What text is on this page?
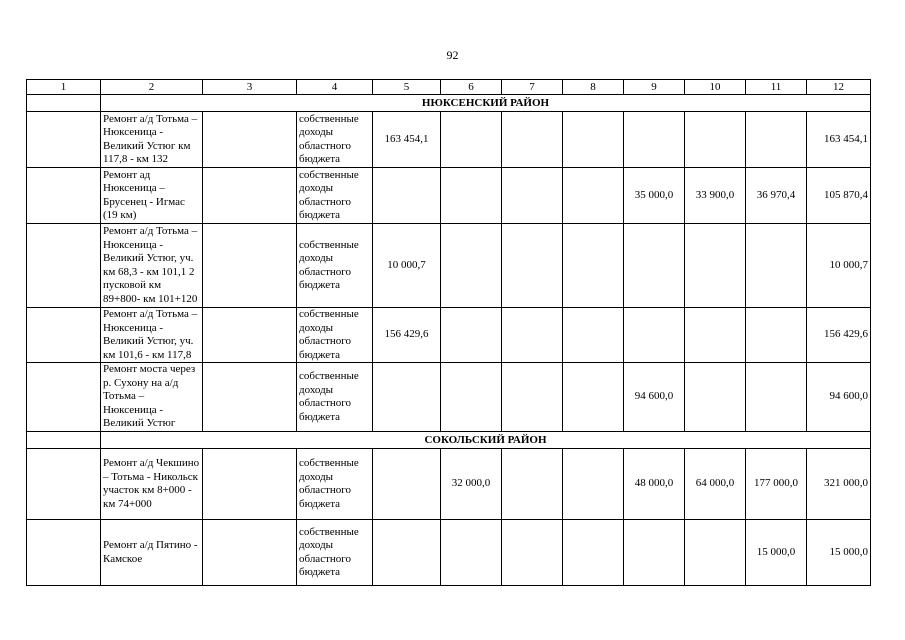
92
1	2	3	4	5	6	7	8	9	10	11	12
	НЮКСЕНСКИЙ РАЙОН										
	Ремонт а/д Тотьма – Нюксеница - Великий Устюг км 117,8 - км 132		собственные доходы областного бюджета	163 454,1							163 454,1
	Ремонт ад Нюксеница – Брусенец - Игмас (19 км)		собственные доходы областного бюджета					35 000,0	33 900,0	36 970,4	105 870,4
	Ремонт а/д Тотьма – Нюксеница - Великий Устюг, уч. км 68,3 - км 101,1 2 пусковой км 89+800- км 101+120		собственные доходы областного бюджета	10 000,7							10 000,7
	Ремонт а/д Тотьма – Нюксеница - Великий Устюг, уч. км 101,6 - км 117,8		собственные доходы областного бюджета	156 429,6							156 429,6
	Ремонт моста через р. Сухону на а/д Тотьма – Нюксеница - Великий Устюг		собственные доходы областного бюджета					94 600,0			94 600,0
	СОКОЛЬСКИЙ РАЙОН										
	Ремонт а/д Чекшино – Тотьма - Никольск участок км 8+000 - км 74+000		собственные доходы областного бюджета		32 000,0			48 000,0	64 000,0	177 000,0	321 000,0
	Ремонт а/д Пятино - Камское		собственные доходы областного бюджета							15 000,0	15 000,0
